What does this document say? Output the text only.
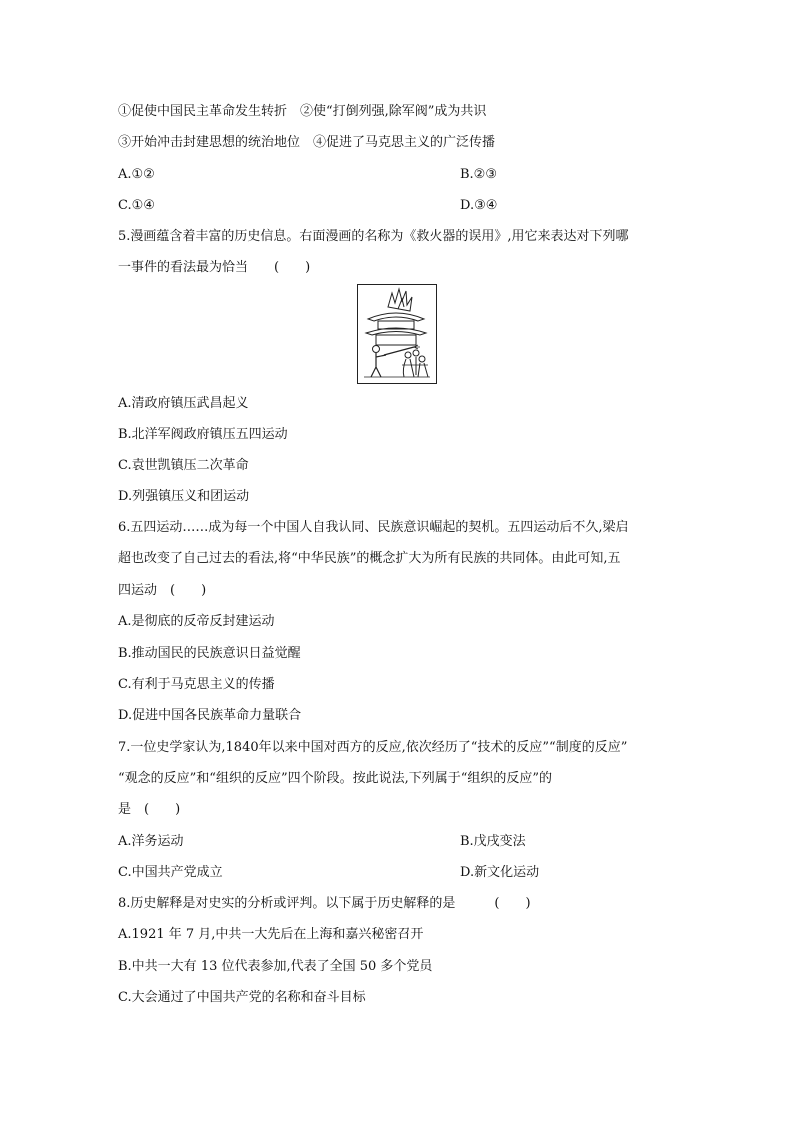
①促使中国民主革命发生转折　②使“打倒列强,除军阀”成为共识
③开始冲击封建思想的统治地位　④促进了马克思主义的广泛传播
A.①②	B.②③
C.①④	D.③④
5.漫画蕴含着丰富的历史信息。右面漫画的名称为《救火器的误用》,用它来表达对下列哪
一事件的看法最为恰当　　(　　)
A.清政府镇压武昌起义
B.北洋军阀政府镇压五四运动
C.袁世凯镇压二次革命
D.列强镇压义和团运动
6.五四运动……成为每一个中国人自我认同、民族意识崛起的契机。五四运动后不久,梁启
超也改变了自己过去的看法,将“中华民族”的概念扩大为所有民族的共同体。由此可知,五
四运动　(　　)
A.是彻底的反帝反封建运动
B.推动国民的民族意识日益觉醒
C.有利于马克思主义的传播
D.促进中国各民族革命力量联合
7.一位史学家认为,1840年以来中国对西方的反应,依次经历了“技术的反应”“制度的反应”
“观念的反应”和“组织的反应”四个阶段。按此说法,下列属于“组织的反应”的
是　(　　)
A.洋务运动	B.戊戌变法
C.中国共产党成立	D.新文化运动
8.历史解释是对史实的分析或评判。以下属于历史解释的是　　　(　　)
A.1921 年 7 月,中共一大先后在上海和嘉兴秘密召开
B.中共一大有 13 位代表参加,代表了全国 50 多个党员
C.大会通过了中国共产党的名称和奋斗目标
